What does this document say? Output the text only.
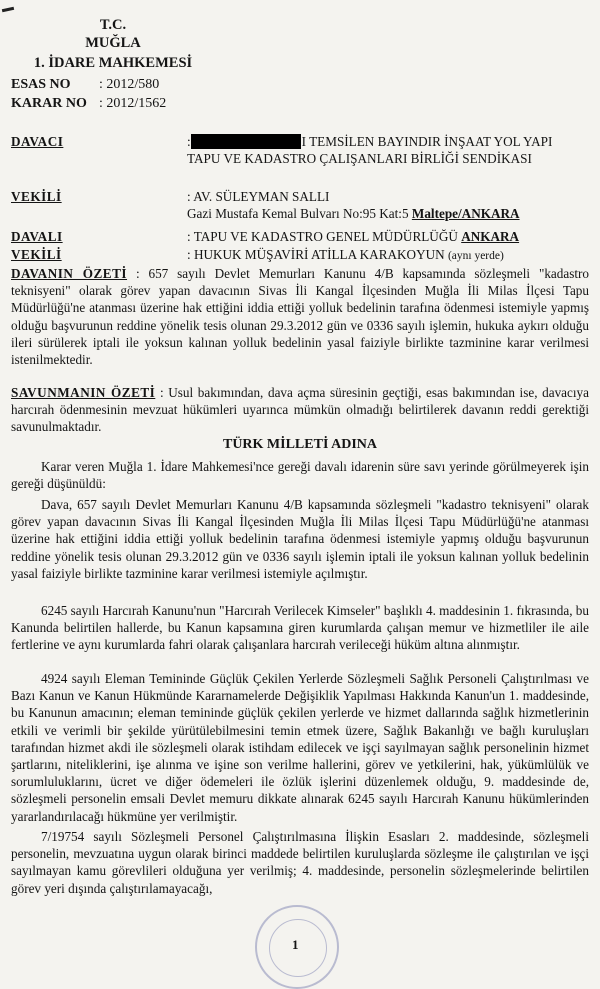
T.C.
MUĞLA
1. İDARE MAHKEMESİ
ESAS NO : 2012/580
KARAR NO : 2012/1562
DAVACI	:	I TEMSİLEN BAYINDIR İNŞAAT YOL YAPI TAPU VE KADASTRO ÇALIŞANLARI BİRLİĞİ SENDİKASI
VEKİLİ	: AV. SÜLEYMAN SALLI
Gazi Mustafa Kemal Bulvarı No:95 Kat:5 Maltepe/ANKARA
DAVALI	: TAPU VE KADASTRO GENEL MÜDÜRLÜĞÜ ANKARA
VEKİLİ	: HUKUK MÜŞAVİRİ ATİLLA KARAKOYUN (aynı yerde)

DAVANIN ÖZETİ : 657 sayılı Devlet Memurları Kanunu 4/B kapsamında sözleşmeli "kadastro teknisyeni" olarak görev yapan davacının Sivas İli Kangal İlçesinden Muğla İli Milas İlçesi Tapu Müdürlüğü'ne atanması üzerine hak ettiğini iddia ettiği yolluk bedelinin tarafına ödenmesi istemiyle yapmış olduğu başvurunun reddine yönelik tesis olunan 29.3.2012 gün ve 0336 sayılı işlemin, hukuka aykırı olduğu ileri sürülerek iptali ile yoksun kalınan yolluk bedelinin yasal faiziyle birlikte tazminine karar verilmesi istenilmektedir.

SAVUNMANIN ÖZETİ : Usul bakımından, dava açma süresinin geçtiği, esas bakımından ise, davacıya harcırah ödenmesinin mevzuat hükümleri uyarınca mümkün olmadığı belirtilerek davanın reddi gerektiği savunulmaktadır.

TÜRK MİLLETİ ADINA

Karar veren Muğla 1. İdare Mahkemesi'nce gereği davalı idarenin süre savı yerinde görülmeyerek işin gereği düşünüldü:

Dava, 657 sayılı Devlet Memurları Kanunu 4/B kapsamında sözleşmeli "kadastro teknisyeni" olarak görev yapan davacının Sivas İli Kangal İlçesinden Muğla İli Milas İlçesi Tapu Müdürlüğü'ne atanması üzerine hak ettiğini iddia ettiği yolluk bedelinin tarafına ödenmesi istemiyle yapmış olduğu başvurunun reddine yönelik tesis olunan 29.3.2012 gün ve 0336 sayılı işlemin iptali ile yoksun kalınan yolluk bedelinin yasal faiziyle birlikte tazminine karar verilmesi istemiyle açılmıştır.

6245 sayılı Harcırah Kanunu'nun "Harcırah Verilecek Kimseler" başlıklı 4. maddesinin 1. fıkrasında, bu Kanunda belirtilen hallerde, bu Kanun kapsamına giren kurumlarda çalışan memur ve hizmetliler ile aile fertlerine ve aynı kurumlarda fahri olarak çalışanlara harcırah verileceği hüküm altına alınmıştır.

4924 sayılı Eleman Temininde Güçlük Çekilen Yerlerde Sözleşmeli Sağlık Personeli Çalıştırılması ve Bazı Kanun ve Kanun Hükmünde Kararnamelerde Değişiklik Yapılması Hakkında Kanun'un 1. maddesinde, bu Kanunun amacının; eleman temininde güçlük çekilen yerlerde ve hizmet dallarında sağlık hizmetlerinin etkili ve verimli bir şekilde yürütülebilmesini temin etmek üzere, Sağlık Bakanlığı ve bağlı kuruluşları tarafından hizmet akdi ile sözleşmeli olarak istihdam edilecek ve işçi sayılmayan sağlık personelinin hizmet şartlarını, niteliklerini, işe alınma ve işine son verilme hallerini, görev ve yetkilerini, hak, yükümlülük ve sorumluluklarını, ücret ve diğer ödemeleri ile özlük işlerini düzenlemek olduğu, 9. maddesinde de, sözleşmeli personelin emsali Devlet memuru dikkate alınarak 6245 sayılı Harcırah Kanunu hükümlerinden yararlandırılacağı hükmüne yer verilmiştir.

7/19754 sayılı Sözleşmeli Personel Çalıştırılmasına İlişkin Esasları 2. maddesinde, sözleşmeli personelin, mevzuatına uygun olarak birinci maddede belirtilen kuruluşlarda sözleşme ile çalıştırılan ve işçi sayılmayan kamu görevlileri olduğuna yer verilmiş; 4. maddesinde, personelin sözleşmelerinde belirtilen görev yeri dışında çalıştırılamayacağı,

1
